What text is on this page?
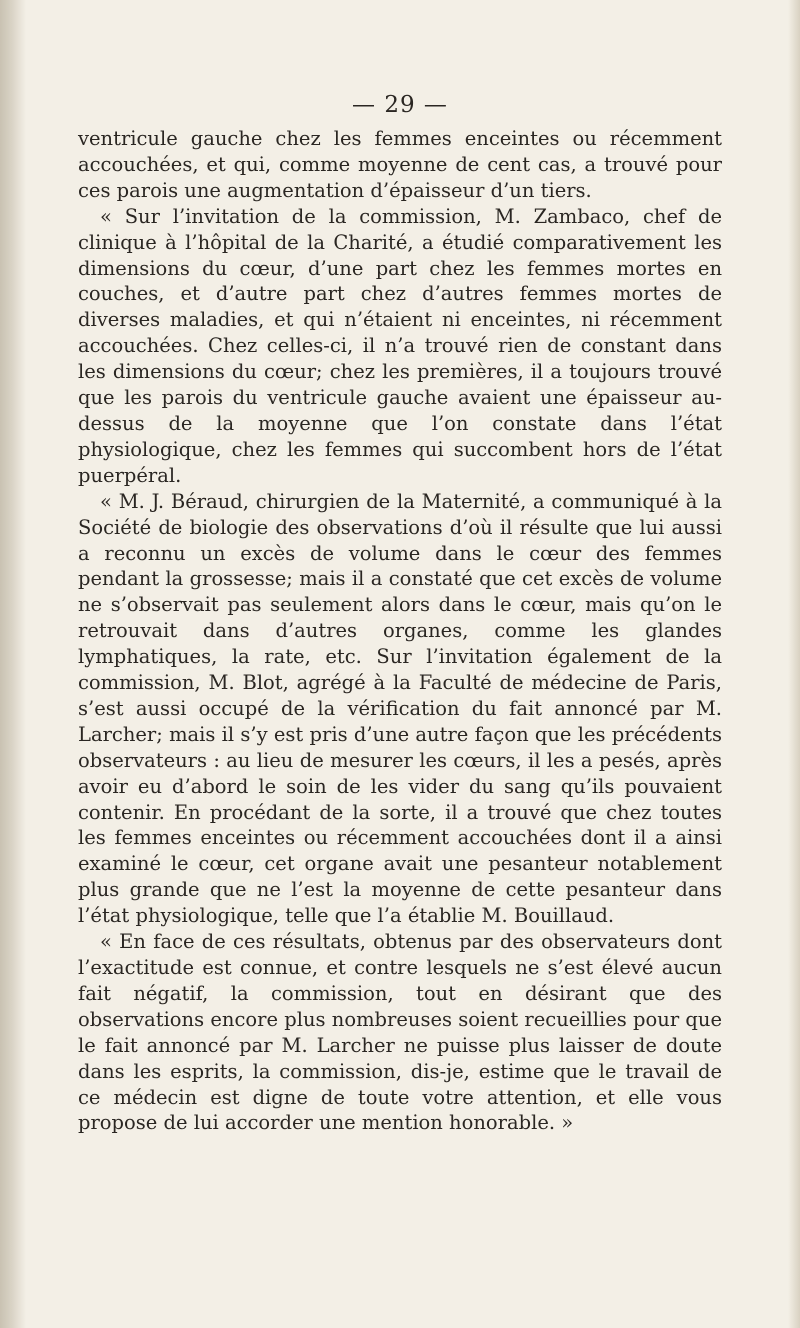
— 29 —

ventricule gauche chez les femmes enceintes ou récemment accouchées, et qui, comme moyenne de cent cas, a trouvé pour ces parois une augmentation d’épaisseur d’un tiers.

« Sur l’invitation de la commission, M. Zambaco, chef de clinique à l’hôpital de la Charité, a étudié comparativement les dimensions du cœur, d’une part chez les femmes mortes en couches, et d’autre part chez d’autres femmes mortes de diverses maladies, et qui n’étaient ni enceintes, ni récemment accouchées. Chez celles-ci, il n’a trouvé rien de constant dans les dimensions du cœur; chez les premières, il a toujours trouvé que les parois du ventricule gauche avaient une épaisseur au-dessus de la moyenne que l’on constate dans l’état physiologique, chez les femmes qui succombent hors de l’état puerpéral.

« M. J. Béraud, chirurgien de la Maternité, a communiqué à la Société de biologie des observations d’où il résulte que lui aussi a reconnu un excès de volume dans le cœur des femmes pendant la grossesse; mais il a constaté que cet excès de volume ne s’observait pas seulement alors dans le cœur, mais qu’on le retrouvait dans d’autres organes, comme les glandes lymphatiques, la rate, etc. Sur l’invitation également de la commission, M. Blot, agrégé à la Faculté de médecine de Paris, s’est aussi occupé de la vérification du fait annoncé par M. Larcher; mais il s’y est pris d’une autre façon que les précédents observateurs : au lieu de mesurer les cœurs, il les a pesés, après avoir eu d’abord le soin de les vider du sang qu’ils pouvaient contenir. En procédant de la sorte, il a trouvé que chez toutes les femmes enceintes ou récemment accouchées dont il a ainsi examiné le cœur, cet organe avait une pesanteur notablement plus grande que ne l’est la moyenne de cette pesanteur dans l’état physiologique, telle que l’a établie M. Bouillaud.

« En face de ces résultats, obtenus par des observateurs dont l’exactitude est connue, et contre lesquels ne s’est élevé aucun fait négatif, la commission, tout en désirant que des observations encore plus nombreuses soient recueillies pour que le fait annoncé par M. Larcher ne puisse plus laisser de doute dans les esprits, la commission, dis-je, estime que le travail de ce médecin est digne de toute votre attention, et elle vous propose de lui accorder une mention honorable. »
